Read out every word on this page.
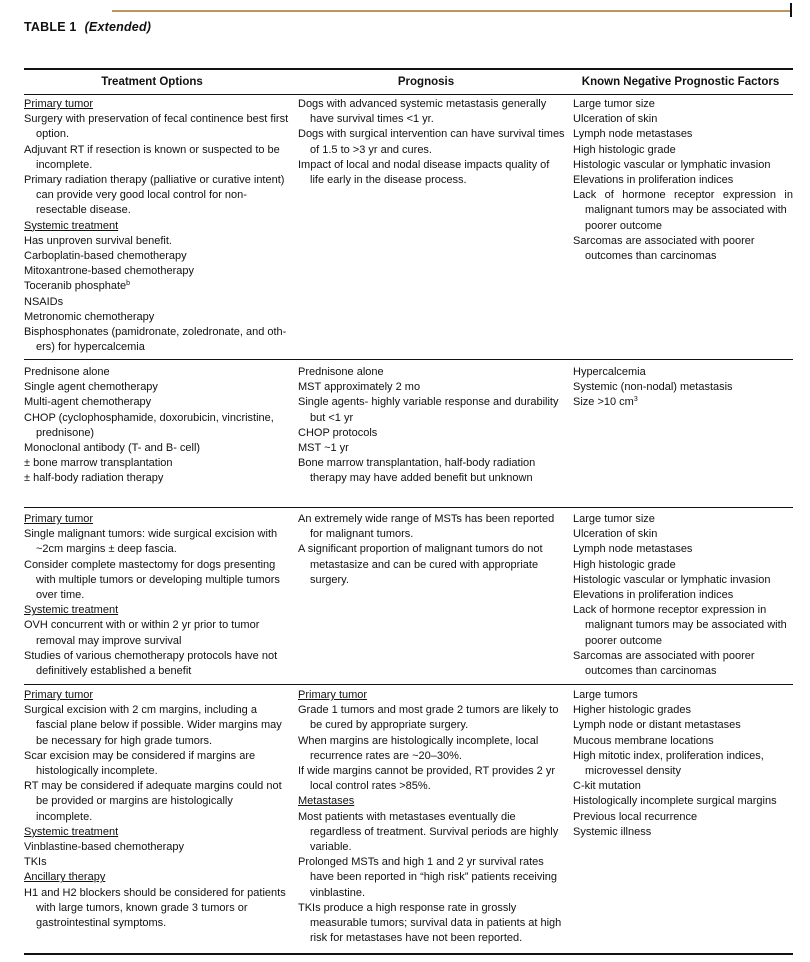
TABLE 1 (Extended)
Treatment Options	Prognosis	Known Negative Prognostic Factors
Primary tumor
Surgery with preservation of fecal continence best first
option.
Adjuvant RT if resection is known or suspected to be
incomplete.
Primary radiation therapy (palliative or curative intent)
can provide very good local control for non-
resectable disease.
Systemic treatment
Has unproven survival benefit.
Carboplatin-based chemotherapy
Mitoxantrone-based chemotherapy
Toceranib phosphate$^b$
NSAIDs
Metronomic chemotherapy
Bisphosphonates (pamidronate, zoledronate, and oth-
ers) for hypercalcemia
Dogs with advanced systemic metastasis generally
have survival times <1 yr.
Dogs with surgical intervention can have survival times
of 1.5 to >3 yr and cures.
Impact of local and nodal disease impacts quality of
life early in the disease process.
Large tumor size
Ulceration of skin
Lymph node metastases
High histologic grade
Histologic vascular or lymphatic invasion
Elevations in proliferation indices
Lack of hormone receptor expression in
malignant tumors may be associated with
poorer outcome
Sarcomas are associated with poorer
outcomes than carcinomas
Prednisone alone
Single agent chemotherapy
Multi-agent chemotherapy
CHOP (cyclophosphamide, doxorubicin, vincristine,
prednisone)
Monoclonal antibody (T- and B- cell)
± bone marrow transplantation
± half-body radiation therapy
Prednisone alone
MST approximately 2 mo
Single agents- highly variable response and durability
but <1 yr
CHOP protocols
MST ~1 yr
Bone marrow transplantation, half-body radiation
therapy may have added benefit but unknown
Hypercalcemia
Systemic (non-nodal) metastasis
Size >10 $cm^3$
Primary tumor
Single malignant tumors: wide surgical excision with
~2cm margins ± deep fascia.
Consider complete mastectomy for dogs presenting
with multiple tumors or developing multiple tumors
over time.
Systemic treatment
OVH concurrent with or within 2 yr prior to tumor
removal may improve survival
Studies of various chemotherapy protocols have not
definitively established a benefit
An extremely wide range of MSTs has been reported
for malignant tumors.
A significant proportion of malignant tumors do not
metastasize and can be cured with appropriate
surgery.
Large tumor size
Ulceration of skin
Lymph node metastases
High histologic grade
Histologic vascular or lymphatic invasion
Elevations in proliferation indices
Lack of hormone receptor expression in
malignant tumors may be associated with
poorer outcome
Sarcomas are associated with poorer
outcomes than carcinomas
Primary tumor
Surgical excision with 2 cm margins, including a
fascial plane below if possible. Wider margins may
be necessary for high grade tumors.
Scar excision may be considered if margins are
histologically incomplete.
RT may be considered if adequate margins could not
be provided or margins are histologically
incomplete.
Systemic treatment
Vinblastine-based chemotherapy
TKIs
Ancillary therapy
H1 and H2 blockers should be considered for patients
with large tumors, known grade 3 tumors or
gastrointestinal symptoms.
Primary tumor
Grade 1 tumors and most grade 2 tumors are likely to
be cured by appropriate surgery.
When margins are histologically incomplete, local
recurrence rates are ~20–30%.
If wide margins cannot be provided, RT provides 2 yr
local control rates >85%.
Metastases
Most patients with metastases eventually die
regardless of treatment. Survival periods are highly
variable.
Prolonged MSTs and high 1 and 2 yr survival rates
have been reported in “high risk” patients receiving
vinblastine.
TKIs produce a high response rate in grossly
measurable tumors; survival data in patients at high
risk for metastases have not been reported.
Large tumors
Higher histologic grades
Lymph node or distant metastases
Mucous membrane locations
High mitotic index, proliferation indices,
microvessel density
C-kit mutation
Histologically incomplete surgical margins
Previous local recurrence
Systemic illness
